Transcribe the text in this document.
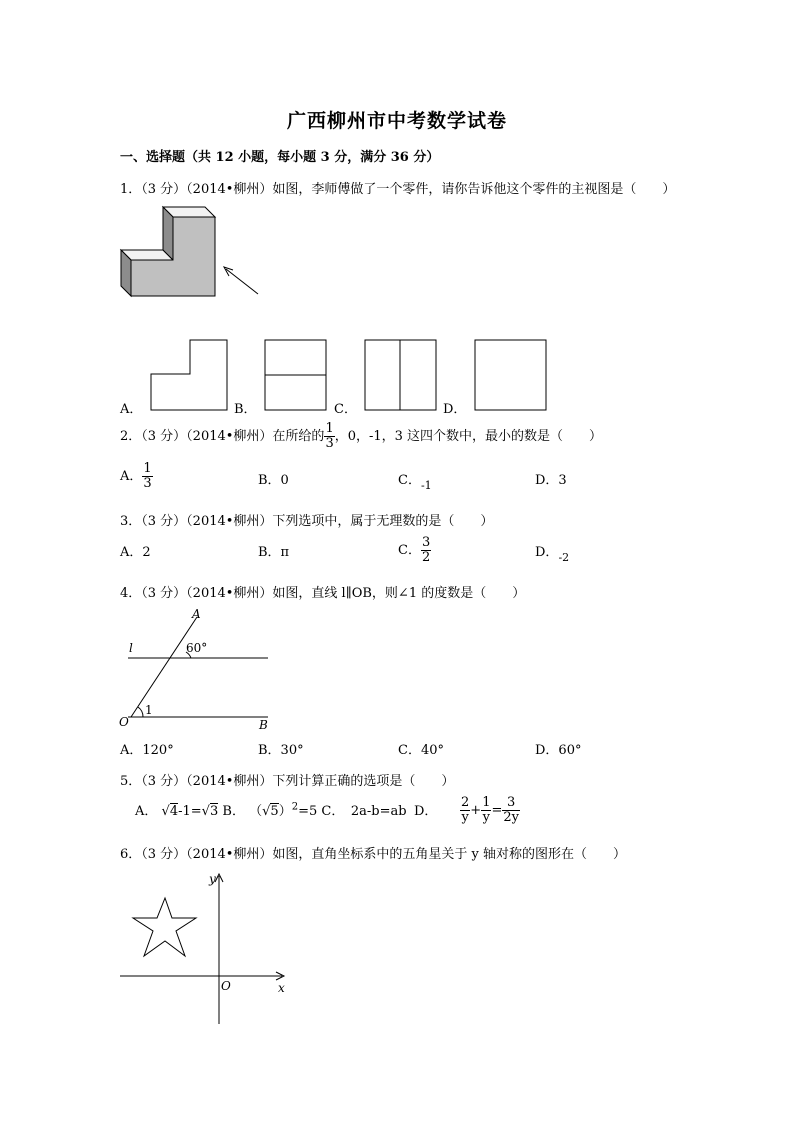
广西柳州市中考数学试卷
一、选择题（共 12 小题，每小题 3 分，满分 36 分）
1．（3 分）（2014•柳州）如图，李师傅做了一个零件，请你告诉他这个零件的主视图是（　　）
A．	B．	C．	D．
2．（3 分）（2014•柳州）在所给的 $\frac{1}{3}$ ，0，-1，3 这四个数中，最小的数是（　　）
A． $\frac{1}{3}$	B．0	C．$_{-1}$	D．3
3．（3 分）（2014•柳州）下列选项中，属于无理数的是（　　）
A．2	B．π	C． $\frac{3}{2}$	D．$_{-2}$
4．（3 分）（2014•柳州）如图，直线 l∥OB，则∠1 的度数是（　　）
A
l	60°
O
1
B
A．120°	B．30°	C．40°	D．60°
5．（3 分）（2014•柳州）下列计算正确的选项是（　　）
A． √4-1=√3 B． $(√5)^2=5$ C．　2a-b=ab D． $\frac{2}{y} + \frac{1}{y} = \frac{3}{2y}$
6．（3 分）（2014•柳州）如图，直角坐标系中的五角星关于 y 轴对称的图形在（　　）
y
O	x
